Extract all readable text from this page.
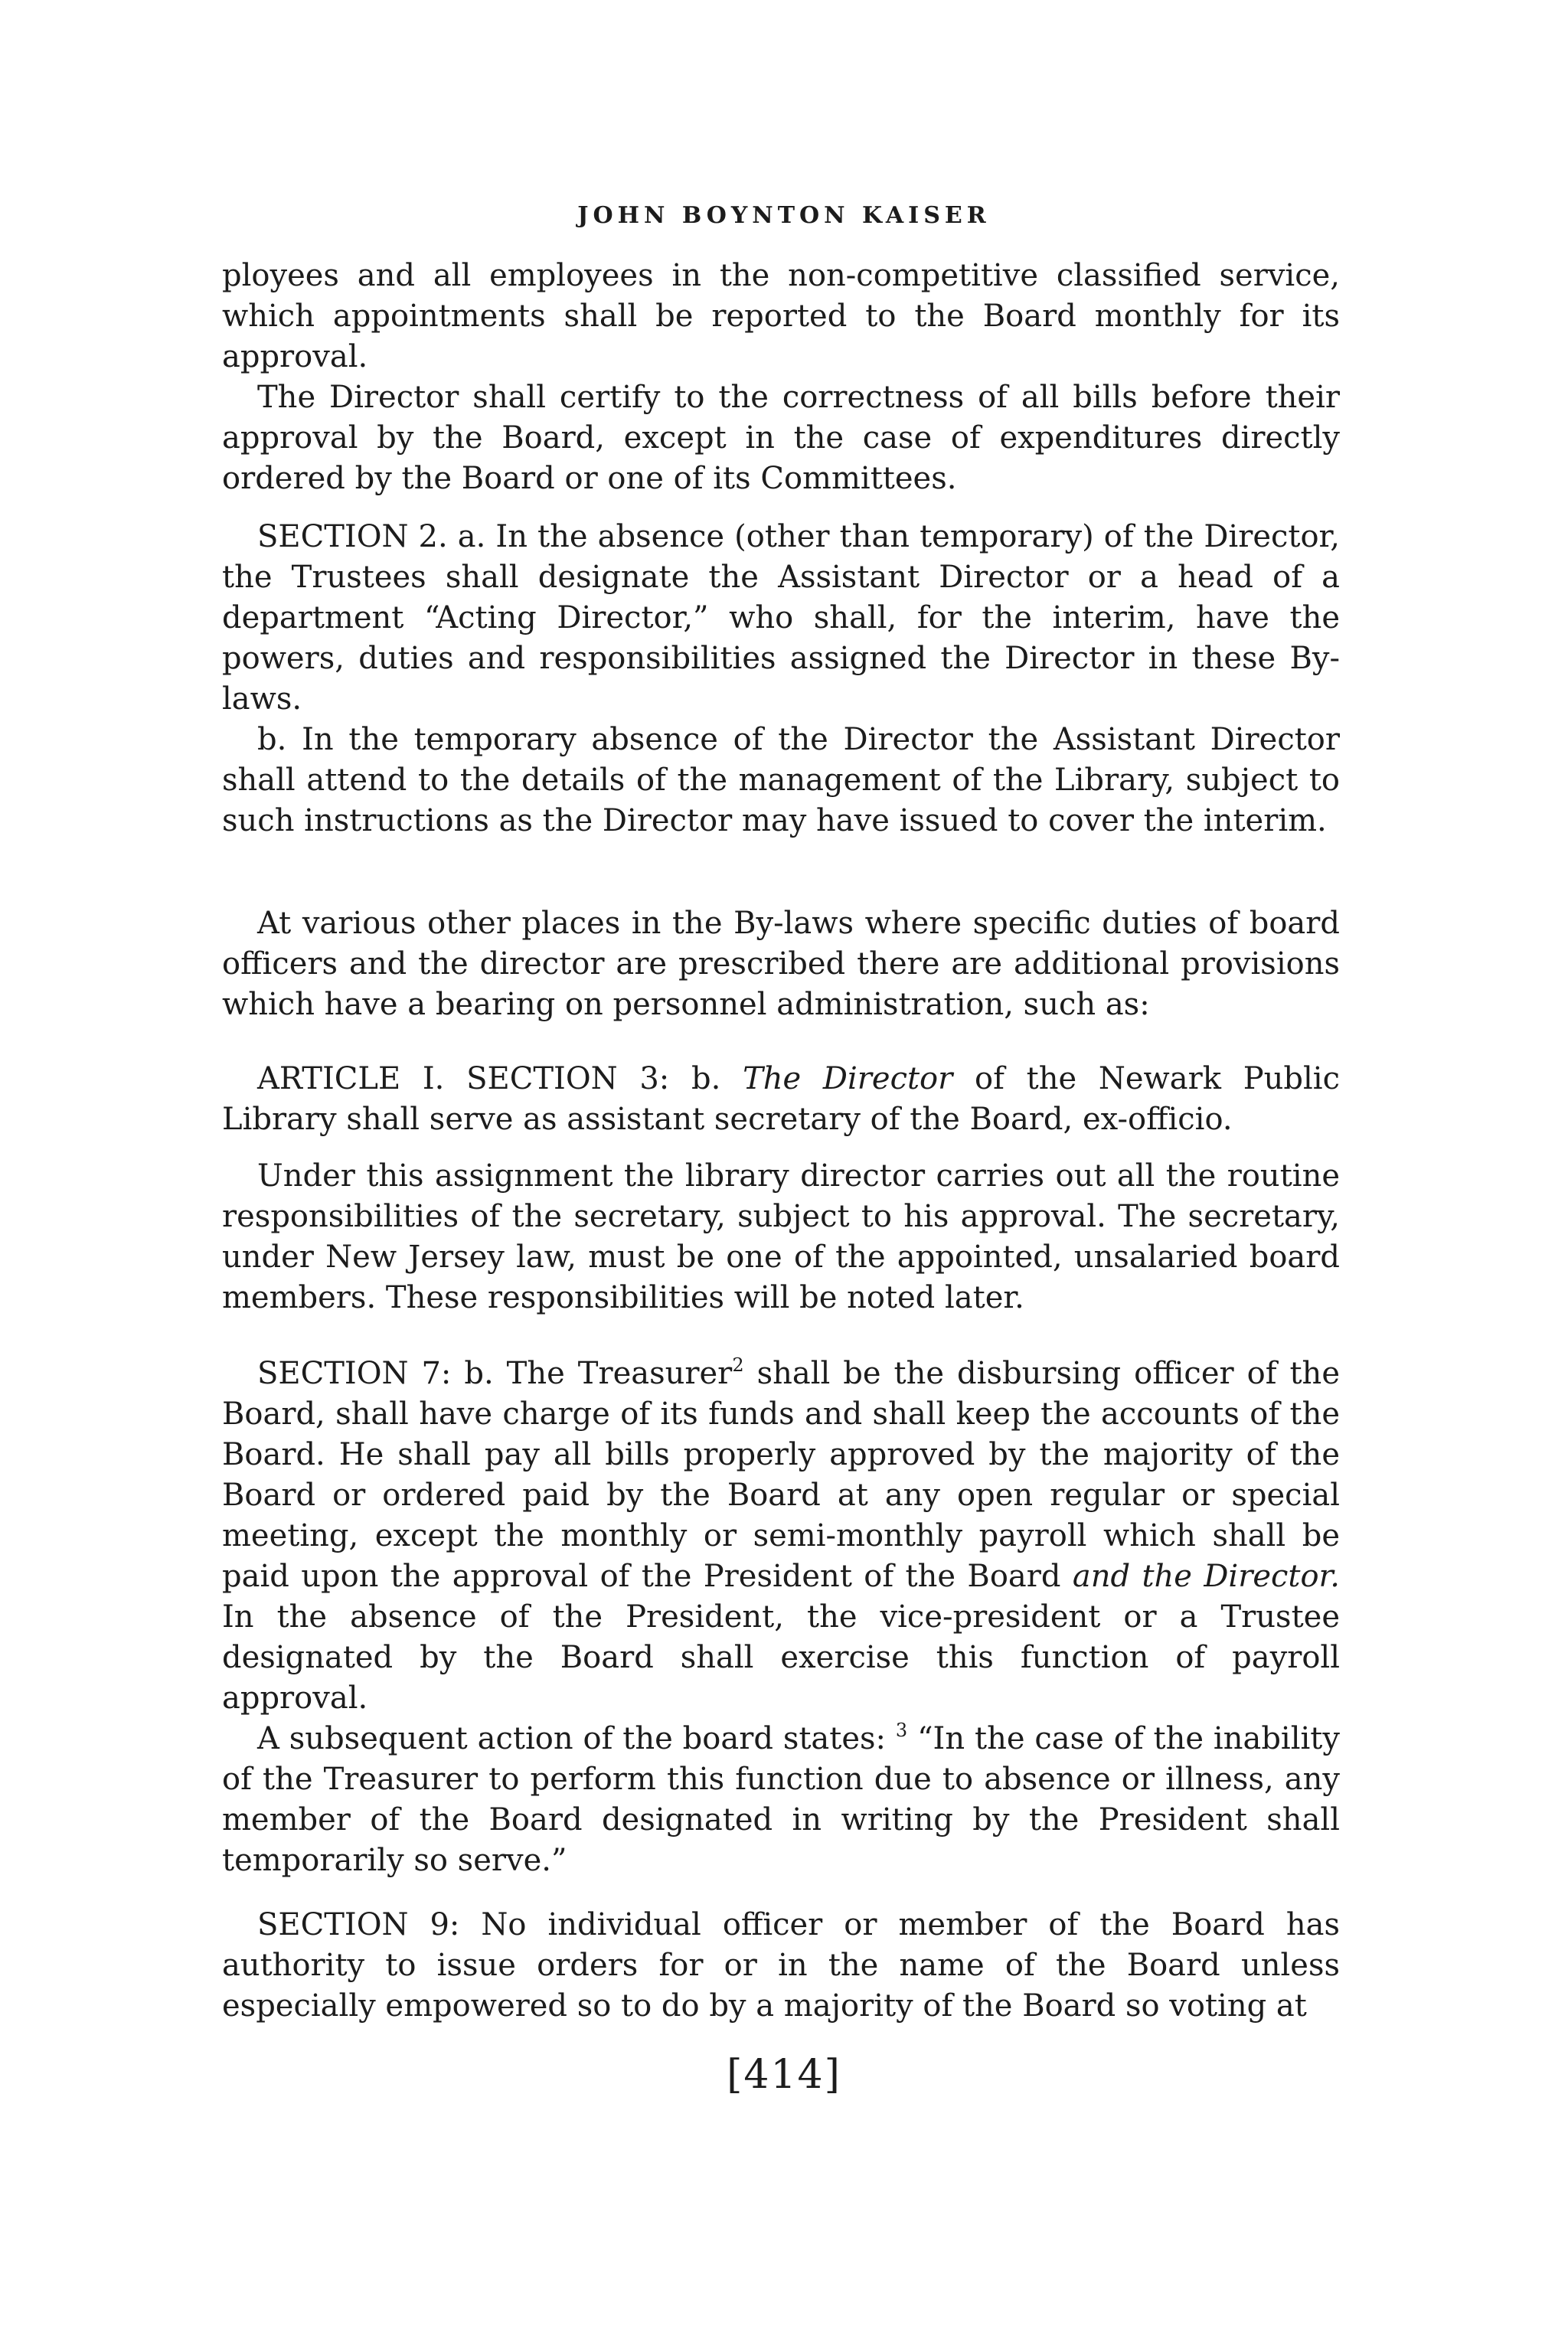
JOHN BOYNTON KAISER

ployees and all employees in the non-competitive classified service, which appointments shall be reported to the Board monthly for its approval.

The Director shall certify to the correctness of all bills before their approval by the Board, except in the case of expenditures directly ordered by the Board or one of its Committees.

SECTION 2. a. In the absence (other than temporary) of the Director, the Trustees shall designate the Assistant Director or a head of a department “Acting Director,” who shall, for the interim, have the powers, duties and responsibilities assigned the Director in these By-laws.

b. In the temporary absence of the Director the Assistant Director shall attend to the details of the management of the Library, subject to such instructions as the Director may have issued to cover the interim.

At various other places in the By-laws where specific duties of board officers and the director are prescribed there are additional provisions which have a bearing on personnel administration, such as:

ARTICLE I. SECTION 3: b. The Director of the Newark Public Library shall serve as assistant secretary of the Board, ex-officio.

Under this assignment the library director carries out all the routine responsibilities of the secretary, subject to his approval. The secretary, under New Jersey law, must be one of the appointed, unsalaried board members. These responsibilities will be noted later.

SECTION 7: b. The Treasurer$^2$ shall be the disbursing officer of the Board, shall have charge of its funds and shall keep the accounts of the Board. He shall pay all bills properly approved by the majority of the Board or ordered paid by the Board at any open regular or special meeting, except the monthly or semi-monthly payroll which shall be paid upon the approval of the President of the Board and the Director. In the absence of the President, the vice-president or a Trustee designated by the Board shall exercise this function of payroll approval.

A subsequent action of the board states: $^3$ “In the case of the inability of the Treasurer to perform this function due to absence or illness, any member of the Board designated in writing by the President shall temporarily so serve.”

SECTION 9: No individual officer or member of the Board has authority to issue orders for or in the name of the Board unless especially empowered so to do by a majority of the Board so voting at

[414]
